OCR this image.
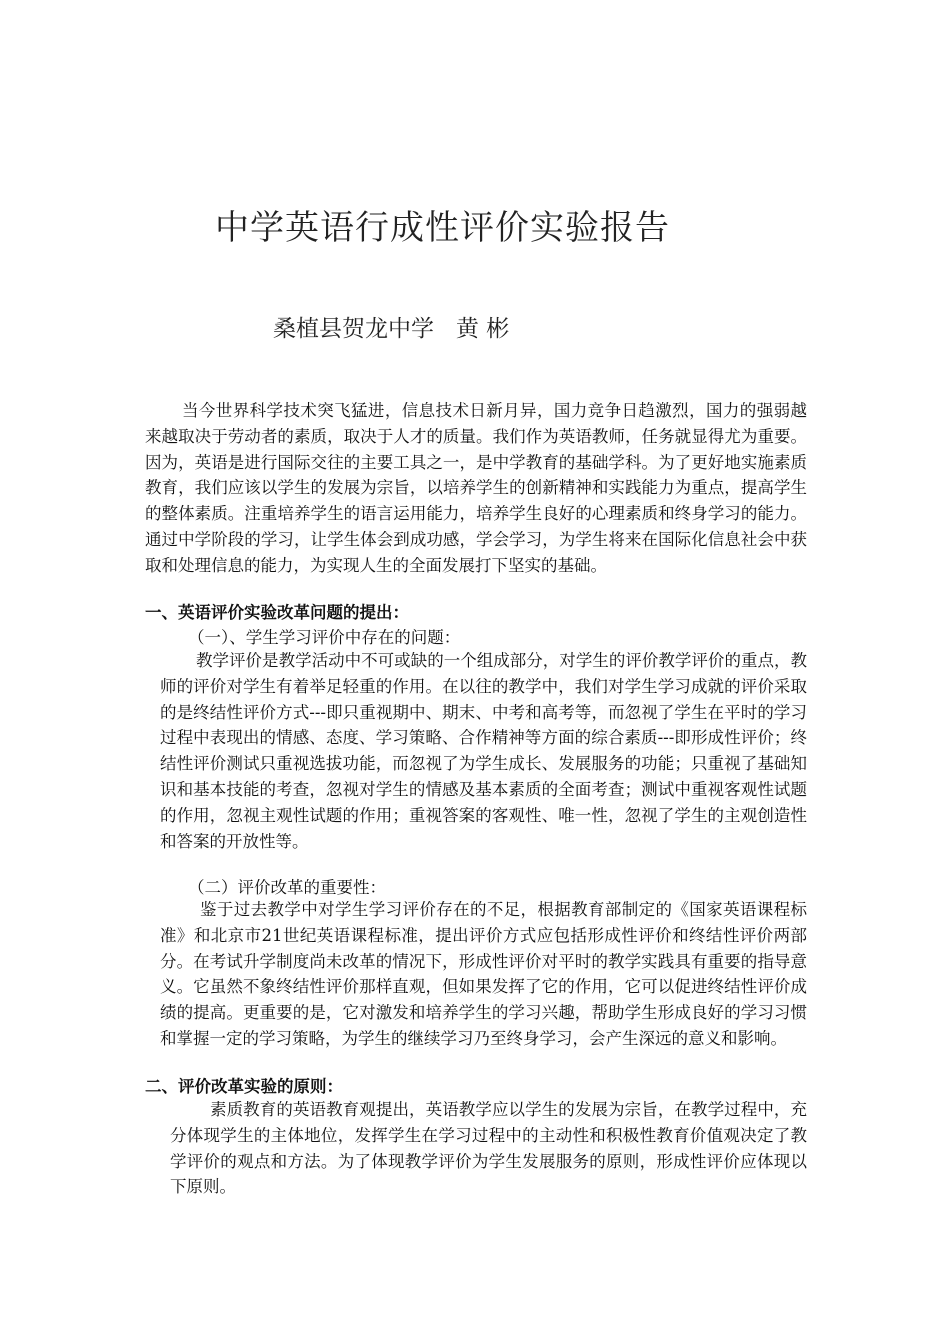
中学英语行成性评价实验报告
桑植县贺龙中学   黄 彬
当今世界科学技术突飞猛进，信息技术日新月异，国力竞争日趋激烈，国力的强弱越来越取决于劳动者的素质，取决于人才的质量。我们作为英语教师，任务就显得尤为重要。因为，英语是进行国际交往的主要工具之一，是中学教育的基础学科。为了更好地实施素质教育，我们应该以学生的发展为宗旨，以培养学生的创新精神和实践能力为重点，提高学生的整体素质。注重培养学生的语言运用能力，培养学生良好的心理素质和终身学习的能力。通过中学阶段的学习，让学生体会到成功感，学会学习，为学生将来在国际化信息社会中获取和处理信息的能力，为实现人生的全面发展打下坚实的基础。
一、英语评价实验改革问题的提出：
（一）、学生学习评价中存在的问题：
教学评价是教学活动中不可或缺的一个组成部分，对学生的评价教学评价的重点，教师的评价对学生有着举足轻重的作用。在以往的教学中，我们对学生学习成就的评价采取的是终结性评价方式---即只重视期中、期末、中考和高考等，而忽视了学生在平时的学习过程中表现出的情感、态度、学习策略、合作精神等方面的综合素质---即形成性评价；终结性评价测试只重视选拔功能，而忽视了为学生成长、发展服务的功能；只重视了基础知识和基本技能的考查，忽视对学生的情感及基本素质的全面考查；测试中重视客观性试题的作用，忽视主观性试题的作用；重视答案的客观性、唯一性，忽视了学生的主观创造性和答案的开放性等。
（二）评价改革的重要性：
鉴于过去教学中对学生学习评价存在的不足，根据教育部制定的《国家英语课程标准》和北京市21世纪英语课程标准，提出评价方式应包括形成性评价和终结性评价两部分。在考试升学制度尚未改革的情况下，形成性评价对平时的教学实践具有重要的指导意义。它虽然不象终结性评价那样直观，但如果发挥了它的作用，它可以促进终结性评价成绩的提高。更重要的是，它对激发和培养学生的学习兴趣，帮助学生形成良好的学习习惯和掌握一定的学习策略，为学生的继续学习乃至终身学习，会产生深远的意义和影响。
二、评价改革实验的原则：
素质教育的英语教育观提出，英语教学应以学生的发展为宗旨，在教学过程中，充分体现学生的主体地位，发挥学生在学习过程中的主动性和积极性教育价值观决定了教学评价的观点和方法。为了体现教学评价为学生发展服务的原则，形成性评价应体现以下原则。
